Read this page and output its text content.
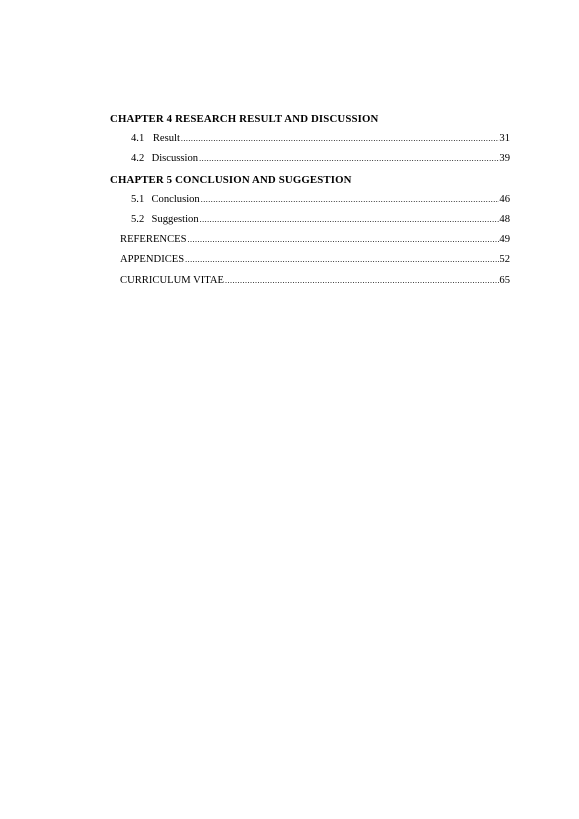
CHAPTER 4 RESEARCH RESULT AND DISCUSSION
4.1 Result .....	31
4.2 Discussion .....	39
CHAPTER 5 CONCLUSION AND SUGGESTION
5.1 Conclusion .....	46
5.2 Suggestion .....	48
REFERENCES .....	49
APPENDICES .....	52
CURRICULUM VITAE .....	65
